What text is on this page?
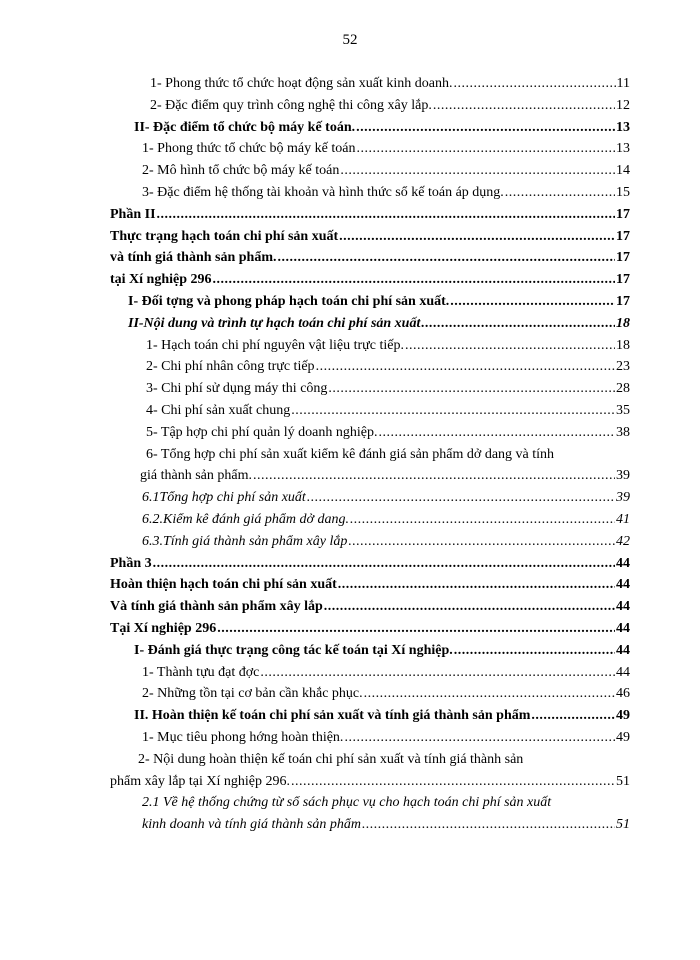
52
1- Phong thức tổ chức hoạt động sản xuất kinh doanh. .....	11
2- Đặc điểm quy trình công nghệ thi công xây lắp. .....	12
II- Đặc điểm tổ chức bộ máy kế toán. .....	13
1- Phong thức tổ chức bộ máy kế toán .....	13
2- Mô hình tổ chức bộ máy kế toán .....	14
3- Đặc điểm hệ thống tài khoản và hình thức sổ kế toán áp dụng. .....	15
Phần II .....	17
Thực trạng hạch toán chi phí sản xuất .....	17
và tính giá thành sản phẩm. .....	17
tại Xí nghiệp 296 .....	17
I- Đối tợng và phong pháp hạch toán chi phí sản xuất. .....	17
II-Nội dung và trình tự hạch toán chi phí sản xuất .....	18
1- Hạch toán chi phí nguyên vật liệu trực tiếp. .....	18
2- Chi phí nhân công trực tiếp .....	23
3- Chi phí sử dụng máy thi công .....	28
4- Chi phí sản xuất chung .....	35
5- Tập hợp chi phí quản lý doanh nghiệp. .....	38
6- Tổng hợp chi phí sản xuất kiểm kê đánh giá sản phẩm dở dang và tính
giá thành sản phẩm. .....	39
6.1Tổng hợp chi phí sản xuất .....	39
6.2.Kiểm kê đánh giá phẩm dở dang. .....	41
6.3.Tính giá thành sản phẩm xây lắp .....	42
Phần 3 .....	44
Hoàn thiện hạch toán chi phí sản xuất .....	44
Và tính giá thành sản phẩm xây lắp .....	44
Tại Xí nghiệp 296 .....	44
I- Đánh giá thực trạng công tác kế toán tại Xí nghiệp. .....	44
1- Thành tựu đạt đợc .....	44
2- Những tồn tại cơ bản cần khắc phục. .....	46
II. Hoàn thiện kế toán chi phí sản xuất và tính giá thành sản phẩm .....	49
1- Mục tiêu phong hớng hoàn thiện. .....	49
2- Nội dung hoàn thiện kế toán chi phí sản xuất và tính giá thành sản
phẩm xây lắp tại Xí nghiệp 296. .....	51
2.1 Về hệ thống chứng từ sổ sách phục vụ cho hạch toán chi phí sản xuất
kinh doanh và tính giá thành sản phẩm .....	51
